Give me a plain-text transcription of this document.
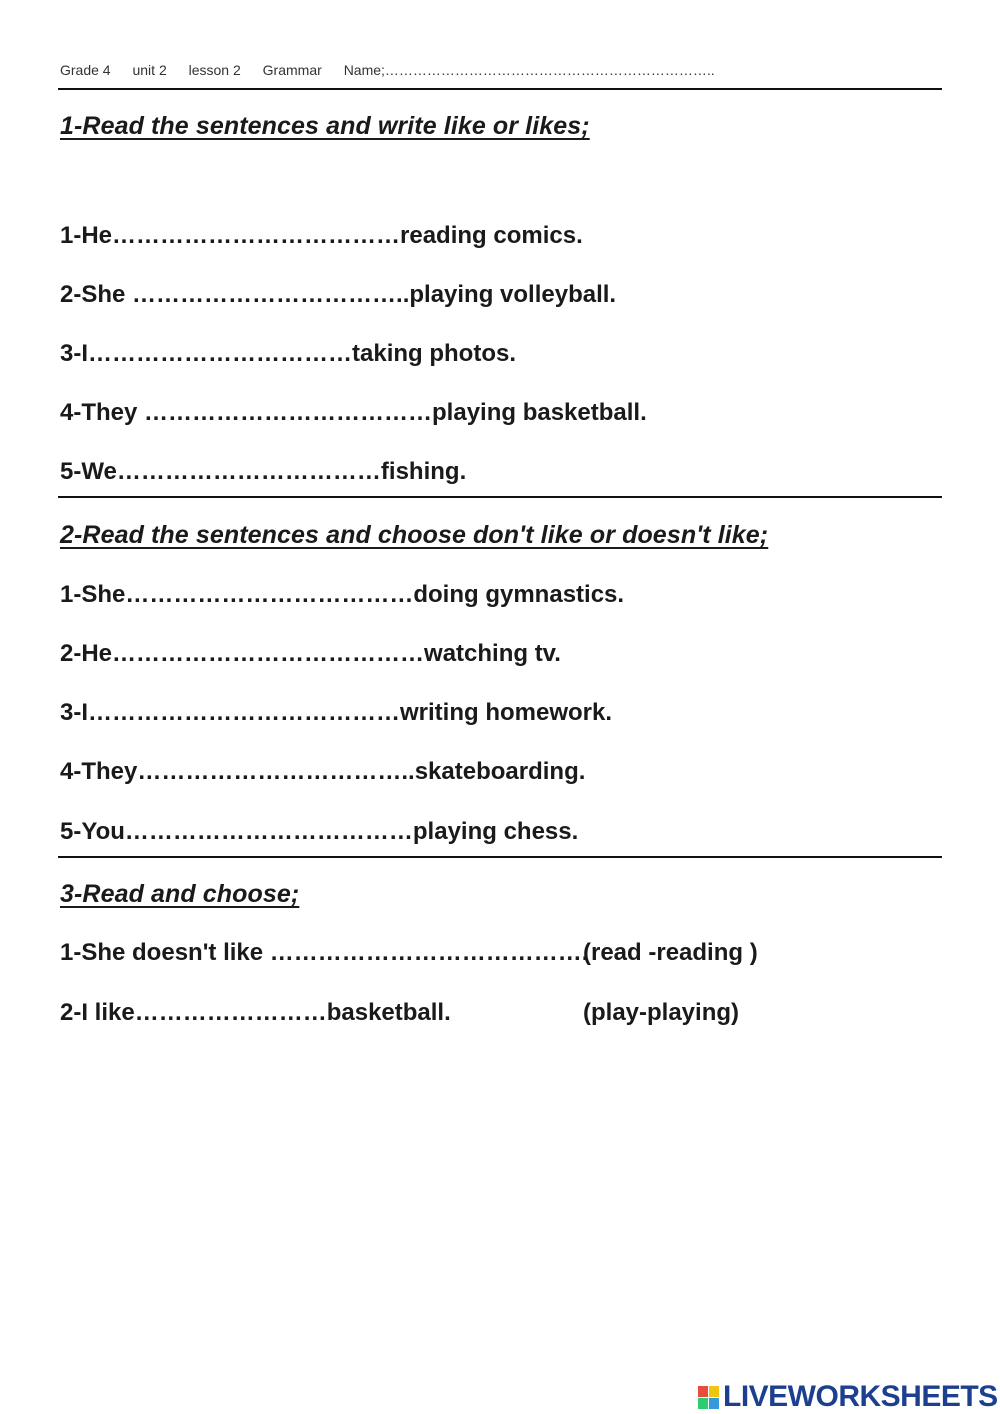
Grade 4 unit 2 lesson 2 Grammar Name;……………………………………………………………..
1-Read the sentences and write like or likes;
1-He………………………………reading comics.
2-She ……………………………..playing volleyball.
3-I……………………………taking photos.
4-They ………………………………playing basketball.
5-We……………………………fishing.
2-Read the sentences and choose don't like or doesn't like;
1-She………………………………doing gymnastics.
2-He…………………………………watching tv.
3-I…………………………………writing homework.
4-They……………………………..skateboarding.
5-You………………………………playing chess.
3-Read and choose;
1-She doesn't like ………………………………….
(read -reading )
2-I like……………………basketball.	(play-playing)
LIVEWORKSHEETS
